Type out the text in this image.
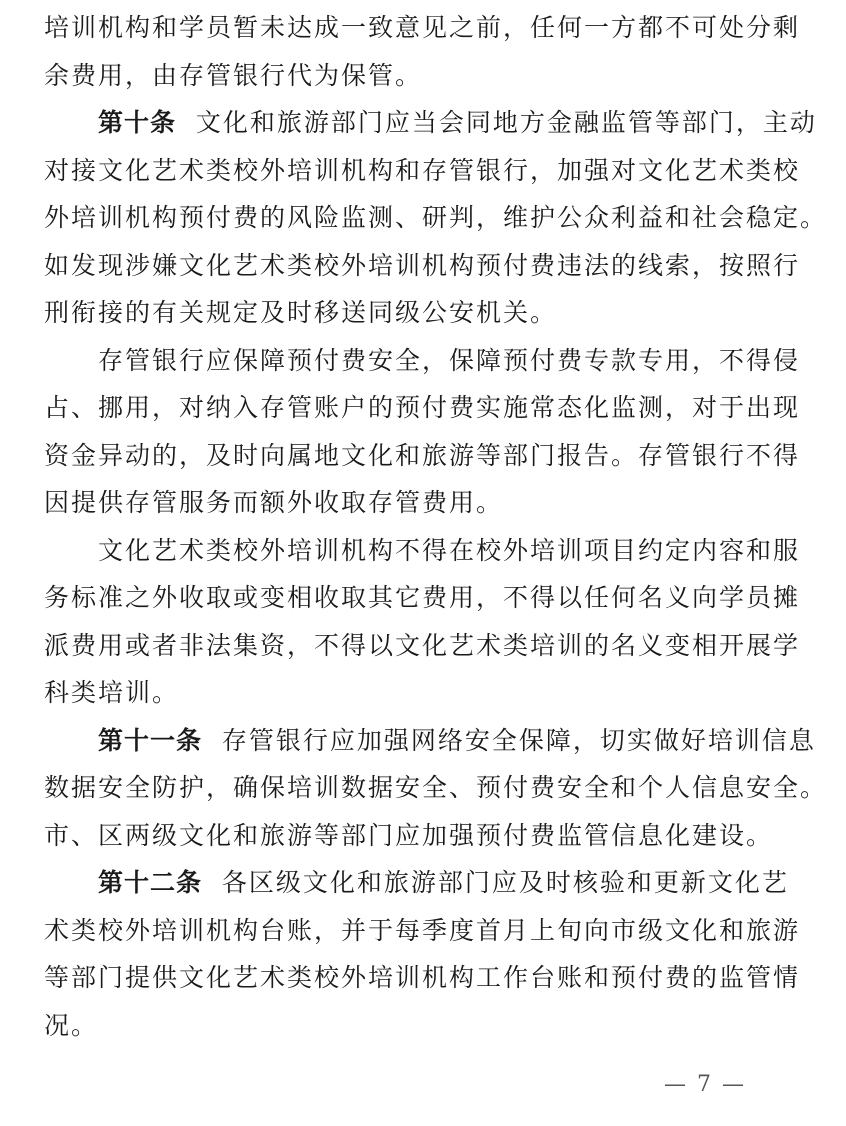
培训机构和学员暂未达成一致意见之前，任何一方都不可处分剩
余费用，由存管银行代为保管。
第十条 文化和旅游部门应当会同地方金融监管等部门，主动
对接文化艺术类校外培训机构和存管银行，加强对文化艺术类校
外培训机构预付费的风险监测、研判，维护公众利益和社会稳定。
如发现涉嫌文化艺术类校外培训机构预付费违法的线索，按照行
刑衔接的有关规定及时移送同级公安机关。
存管银行应保障预付费安全，保障预付费专款专用，不得侵
占、挪用，对纳入存管账户的预付费实施常态化监测，对于出现
资金异动的，及时向属地文化和旅游等部门报告。存管银行不得
因提供存管服务而额外收取存管费用。
文化艺术类校外培训机构不得在校外培训项目约定内容和服
务标准之外收取或变相收取其它费用，不得以任何名义向学员摊
派费用或者非法集资，不得以文化艺术类培训的名义变相开展学
科类培训。
第十一条 存管银行应加强网络安全保障，切实做好培训信息
数据安全防护，确保培训数据安全、预付费安全和个人信息安全。
市、区两级文化和旅游等部门应加强预付费监管信息化建设。
第十二条 各区级文化和旅游部门应及时核验和更新文化艺
术类校外培训机构台账，并于每季度首月上旬向市级文化和旅游
等部门提供文化艺术类校外培训机构工作台账和预付费的监管情
况。
— 7 —
